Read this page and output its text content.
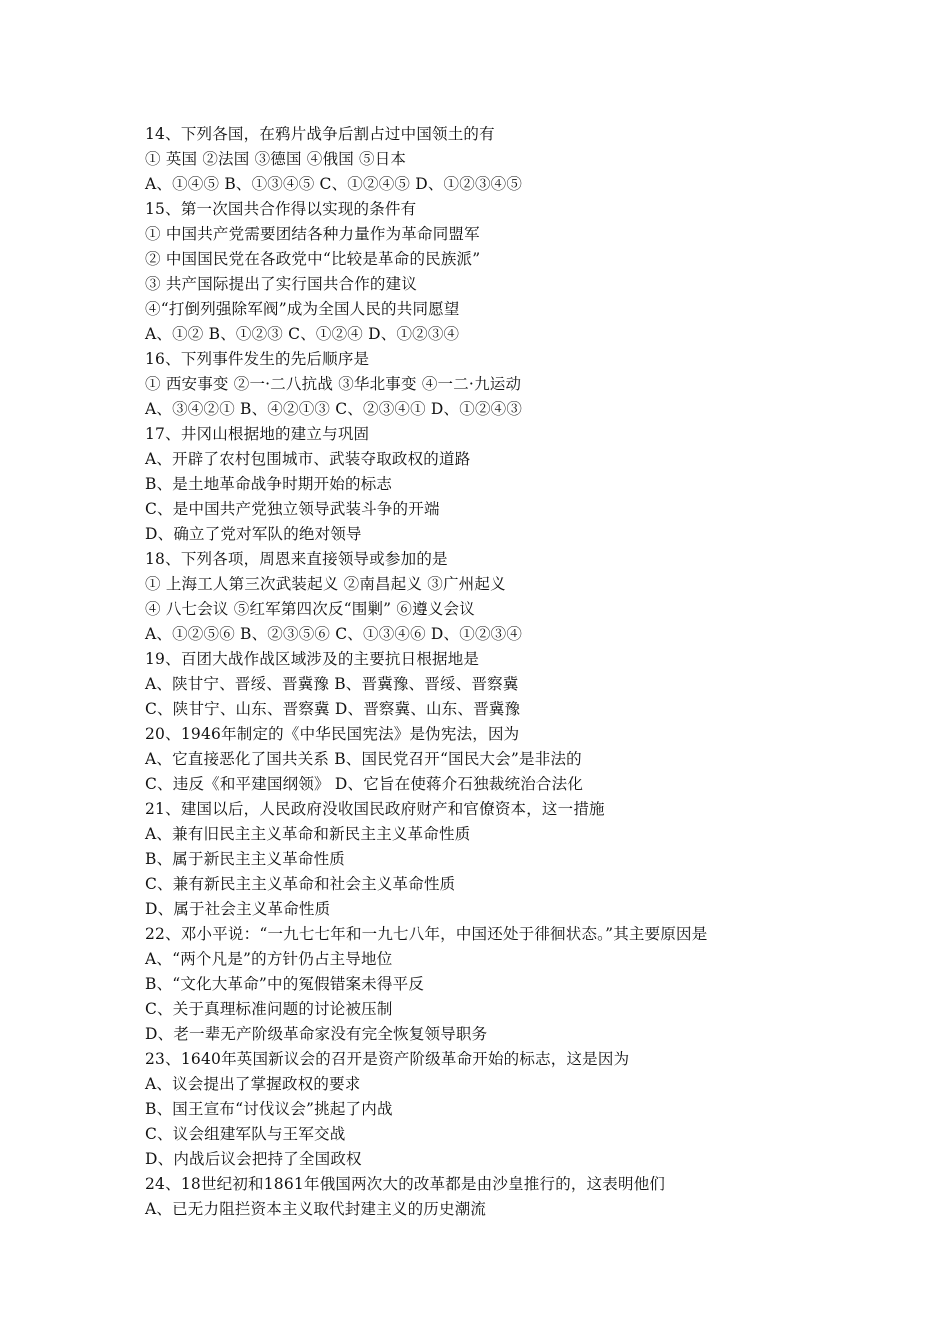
14、下列各国，在鸦片战争后割占过中国领土的有
① 英国 ②法国 ③德国 ④俄国 ⑤日本
A、①④⑤ B、①③④⑤ C、①②④⑤ D、①②③④⑤
15、第一次国共合作得以实现的条件有
① 中国共产党需要团结各种力量作为革命同盟军
② 中国国民党在各政党中“比较是革命的民族派”
③ 共产国际提出了实行国共合作的建议
④“打倒列强除军阀”成为全国人民的共同愿望
A、①② B、①②③ C、①②④ D、①②③④
16、下列事件发生的先后顺序是
① 西安事变 ②一·二八抗战 ③华北事变 ④一二·九运动
A、③④②① B、④②①③ C、②③④① D、①②④③
17、井冈山根据地的建立与巩固
A、开辟了农村包围城市、武装夺取政权的道路
B、是土地革命战争时期开始的标志
C、是中国共产党独立领导武装斗争的开端
D、确立了党对军队的绝对领导
18、下列各项，周恩来直接领导或参加的是
① 上海工人第三次武装起义 ②南昌起义 ③广州起义
④ 八七会议 ⑤红军第四次反“围剿” ⑥遵义会议
A、①②⑤⑥ B、②③⑤⑥ C、①③④⑥ D、①②③④
19、百团大战作战区域涉及的主要抗日根据地是
A、陕甘宁、晋绥、晋冀豫 B、晋冀豫、晋绥、晋察冀
C、陕甘宁、山东、晋察冀 D、晋察冀、山东、晋冀豫
20、1946年制定的《中华民国宪法》是伪宪法，因为
A、它直接恶化了国共关系 B、国民党召开“国民大会”是非法的
C、违反《和平建国纲领》 D、它旨在使蒋介石独裁统治合法化
21、建国以后，人民政府没收国民政府财产和官僚资本，这一措施
A、兼有旧民主主义革命和新民主主义革命性质
B、属于新民主主义革命性质
C、兼有新民主主义革命和社会主义革命性质
D、属于社会主义革命性质
22、邓小平说：“一九七七年和一九七八年，中国还处于徘徊状态。”其主要原因是
A、“两个凡是”的方针仍占主导地位
B、“文化大革命”中的冤假错案未得平反
C、关于真理标准问题的讨论被压制
D、老一辈无产阶级革命家没有完全恢复领导职务
23、1640年英国新议会的召开是资产阶级革命开始的标志，这是因为
A、议会提出了掌握政权的要求
B、国王宣布“讨伐议会”挑起了内战
C、议会组建军队与王军交战
D、内战后议会把持了全国政权
24、18世纪初和1861年俄国两次大的改革都是由沙皇推行的，这表明他们
A、已无力阻拦资本主义取代封建主义的历史潮流
